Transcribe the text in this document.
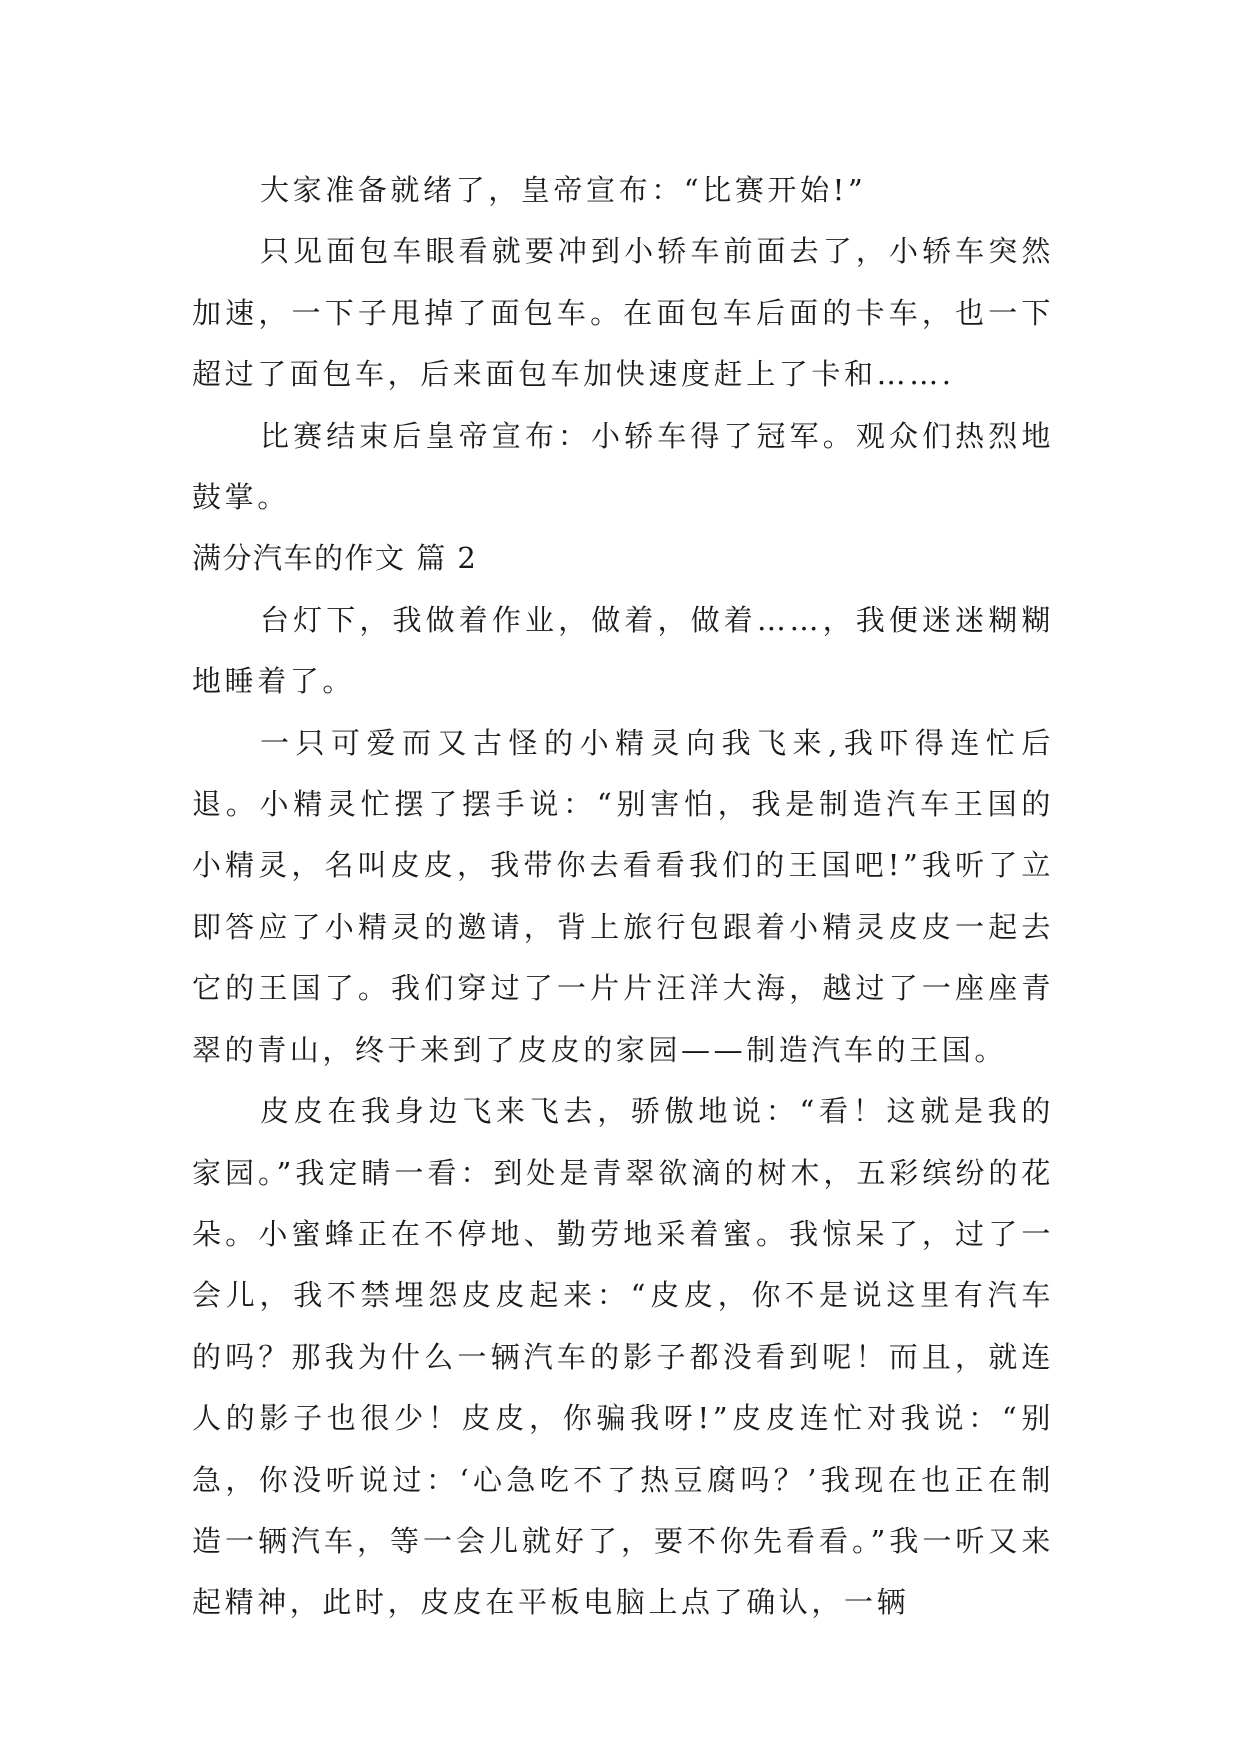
大家准备就绪了，皇帝宣布：“比赛开始!”

只见面包车眼看就要冲到小轿车前面去了，小轿车突然加速，一下子甩掉了面包车。在面包车后面的卡车，也一下超过了面包车，后来面包车加快速度赶上了卡和…….

比赛结束后皇帝宣布：小轿车得了冠军。观众们热烈地鼓掌。

满分汽车的作文 篇 2

台灯下，我做着作业，做着，做着……，我便迷迷糊糊地睡着了。

一只可爱而又古怪的小精灵向我飞来,我吓得连忙后退。小精灵忙摆了摆手说：“别害怕，我是制造汽车王国的小精灵，名叫皮皮，我带你去看看我们的王国吧!”我听了立即答应了小精灵的邀请，背上旅行包跟着小精灵皮皮一起去它的王国了。我们穿过了一片片汪洋大海，越过了一座座青翠的青山，终于来到了皮皮的家园——制造汽车的王国。

皮皮在我身边飞来飞去，骄傲地说：“看！这就是我的家园。”我定睛一看：到处是青翠欲滴的树木，五彩缤纷的花朵。小蜜蜂正在不停地、勤劳地采着蜜。我惊呆了，过了一会儿，我不禁埋怨皮皮起来：“皮皮，你不是说这里有汽车的吗？那我为什么一辆汽车的影子都没看到呢！而且，就连人的影子也很少！皮皮，你骗我呀!”皮皮连忙对我说：“别急，你没听说过：‘心急吃不了热豆腐吗？’我现在也正在制造一辆汽车，等一会儿就好了，要不你先看看。”我一听又来起精神，此时，皮皮在平板电脑上点了确认，一辆
